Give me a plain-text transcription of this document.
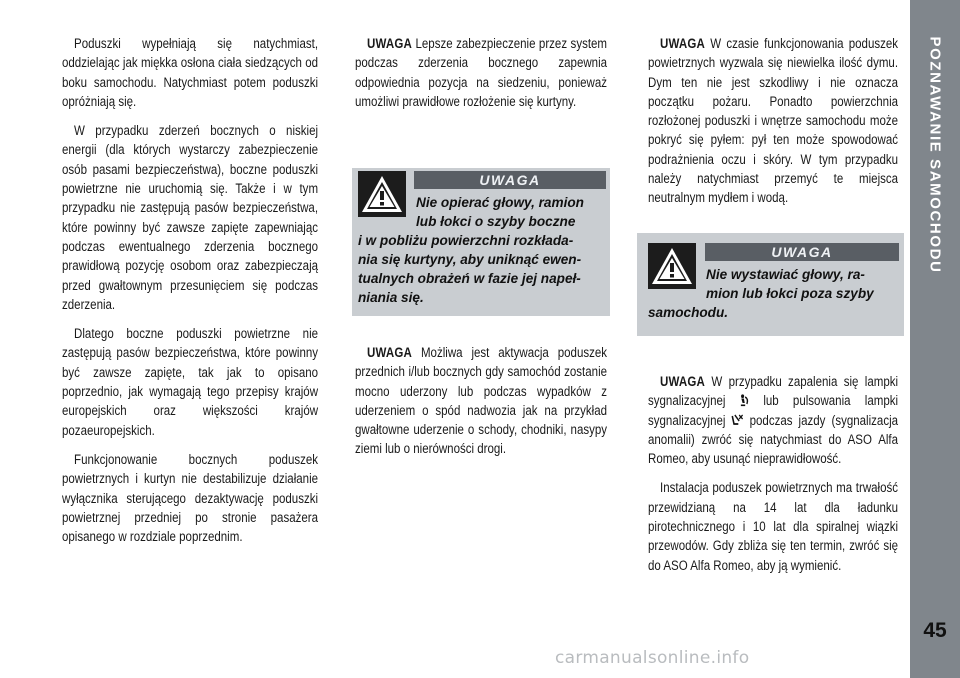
Poduszki wypełniają się natychmiast, oddzielając jak miękka osłona ciała siedzących od boku samochodu. Natychmiast potem poduszki opróżniają się.

W przypadku zderzeń bocznych o niskiej energii (dla których wystarczy zabezpieczenie osób pasami bezpieczeństwa), boczne poduszki powietrzne nie uruchomią się. Także i w tym przypadku nie zastępują pasów bezpieczeństwa, które powinny być zawsze zapięte zapewniając podczas ewentualnego zderzenia bocznego prawidłową pozycję osobom oraz zabezpieczają przed gwałtownym przesunięciem się podczas zderzenia.

Dlatego boczne poduszki powietrzne nie zastępują pasów bezpieczeństwa, które powinny być zawsze zapięte, tak jak to opisano poprzednio, jak wymagają tego przepisy krajów europejskich oraz większości krajów pozaeuropejskich.

Funkcjonowanie bocznych poduszek powietrznych i kurtyn nie destabilizuje działanie wyłącznika sterującego dezaktywację poduszki powietrznej przedniej po stronie pasażera opisanego w rozdziale poprzednim.

UWAGA Lepsze zabezpieczenie przez system podczas zderzenia bocznego zapewnia odpowiednia pozycja na siedzeniu, ponieważ umożliwi prawidłowe rozłożenie się kurtyny.

UWAGA
Nie opierać głowy, ramion
lub łokci o szyby boczne
i w pobliżu powierzchni rozkłada-
nia się kurtyny, aby uniknąć ewen-
tualnych obrażeń w fazie jej napeł-
niania się.

UWAGA Możliwa jest aktywacja poduszek przednich i/lub bocznych gdy samochód zostanie mocno uderzony lub podczas wypadków z uderzeniem o spód nadwozia jak na przykład gwałtowne uderzenie o schody, chodniki, nasypy ziemi lub o nierówności drogi.

UWAGA W czasie funkcjonowania poduszek powietrznych wyzwala się niewielka ilość dymu. Dym ten nie jest szkodliwy i nie oznacza początku pożaru. Ponadto powierzchnia rozłożonej poduszki i wnętrze samochodu może pokryć się pyłem: pył ten może spowodować podrażnienia oczu i skóry. W tym przypadku należy natychmiast przemyć te miejsca neutralnym mydłem i wodą.

UWAGA
Nie wystawiać głowy, ra-
mion lub łokci poza szyby
samochodu.

UWAGA W przypadku zapalenia się lampki sygnalizacyjnej  lub pulsowania lampki sygnalizacyjnej  podczas jazdy (sygnalizacja anomalii) zwróć się natychmiast do ASO Alfa Romeo, aby usunąć nieprawidłowość.

Instalacja poduszek powietrznych ma trwałość przewidzianą na 14 lat dla ładunku pirotechnicznego i 10 lat dla spiralnej wiązki przewodów. Gdy zbliża się ten termin, zwróć się do ASO Alfa Romeo, aby ją wymienić.

POZNAWANIE SAMOCHODU
45
carmanualsonline.info
